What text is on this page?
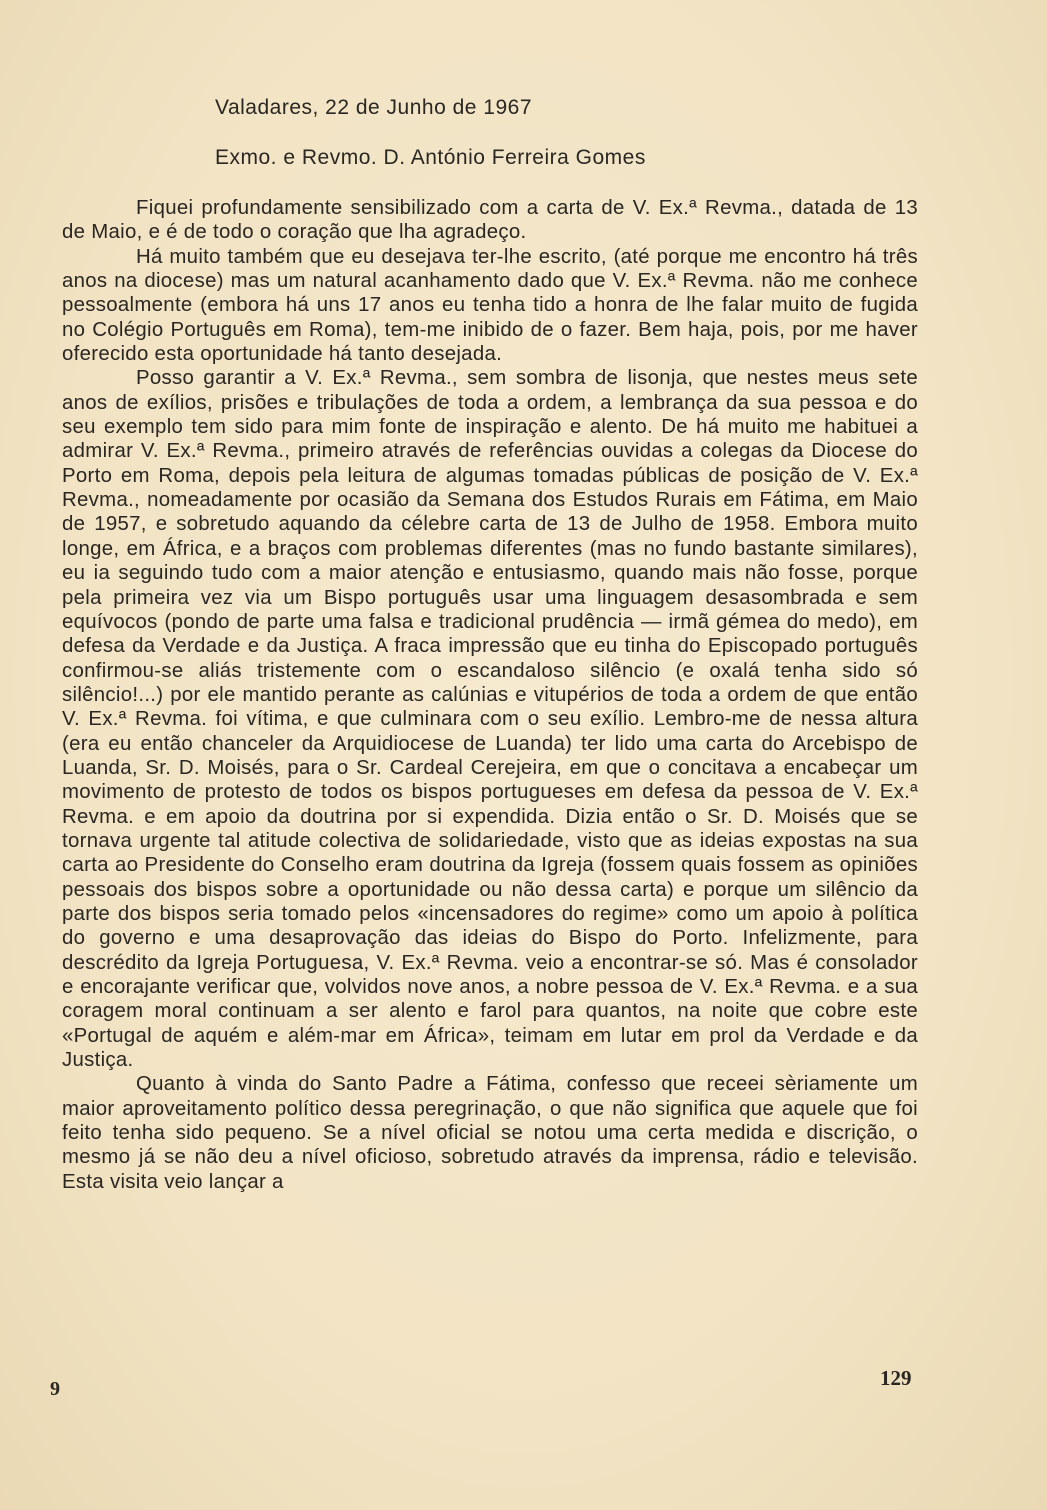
Valadares, 22 de Junho de 1967
Exmo. e Revmo. D. António Ferreira Gomes

Fiquei profundamente sensibilizado com a carta de V. Ex.ª Revma., datada de 13 de Maio, e é de todo o coração que lha agradeço.

Há muito também que eu desejava ter-lhe escrito, (até porque me encontro há três anos na diocese) mas um natural acanhamento dado que V. Ex.ª Revma. não me conhece pessoalmente (embora há uns 17 anos eu tenha tido a honra de lhe falar muito de fugida no Colégio Português em Roma), tem-me inibido de o fazer. Bem haja, pois, por me haver oferecido esta oportunidade há tanto desejada.

Posso garantir a V. Ex.ª Revma., sem sombra de lisonja, que nestes meus sete anos de exílios, prisões e tribulações de toda a ordem, a lembrança da sua pessoa e do seu exemplo tem sido para mim fonte de inspiração e alento. De há muito me habituei a admirar V. Ex.ª Revma., primeiro através de referências ouvidas a colegas da Diocese do Porto em Roma, depois pela leitura de algumas tomadas públicas de posição de V. Ex.ª Revma., nomeadamente por ocasião da Semana dos Estudos Rurais em Fátima, em Maio de 1957, e sobretudo aquando da célebre carta de 13 de Julho de 1958. Embora muito longe, em África, e a braços com problemas diferentes (mas no fundo bastante similares), eu ia seguindo tudo com a maior atenção e entusiasmo, quando mais não fosse, porque pela primeira vez via um Bispo português usar uma linguagem desasombrada e sem equívocos (pondo de parte uma falsa e tradicional prudência — irmã gémea do medo), em defesa da Verdade e da Justiça. A fraca impressão que eu tinha do Episcopado português confirmou-se aliás tristemente com o escandaloso silêncio (e oxalá tenha sido só silêncio!...) por ele mantido perante as calúnias e vitupérios de toda a ordem de que então V. Ex.ª Revma. foi vítima, e que culminara com o seu exílio. Lembro-me de nessa altura (era eu então chanceler da Arquidiocese de Luanda) ter lido uma carta do Arcebispo de Luanda, Sr. D. Moisés, para o Sr. Cardeal Cerejeira, em que o concitava a encabeçar um movimento de protesto de todos os bispos portugueses em defesa da pessoa de V. Ex.ª Revma. e em apoio da doutrina por si expendida. Dizia então o Sr. D. Moisés que se tornava urgente tal atitude colectiva de solidariedade, visto que as ideias expostas na sua carta ao Presidente do Conselho eram doutrina da Igreja (fossem quais fossem as opiniões pessoais dos bispos sobre a oportunidade ou não dessa carta) e porque um silêncio da parte dos bispos seria tomado pelos «incensadores do regime» como um apoio à política do governo e uma desaprovação das ideias do Bispo do Porto. Infelizmente, para descrédito da Igreja Portuguesa, V. Ex.ª Revma. veio a encontrar-se só. Mas é consolador e encorajante verificar que, volvidos nove anos, a nobre pessoa de V. Ex.ª Revma. e a sua coragem moral continuam a ser alento e farol para quantos, na noite que cobre este «Portugal de aquém e além-mar em África», teimam em lutar em prol da Verdade e da Justiça.

Quanto à vinda do Santo Padre a Fátima, confesso que receei sèriamente um maior aproveitamento político dessa peregrinação, o que não significa que aquele que foi feito tenha sido pequeno. Se a nível oficial se notou uma certa medida e discrição, o mesmo já se não deu a nível oficioso, sobretudo através da imprensa, rádio e televisão. Esta visita veio lançar a

9	129
